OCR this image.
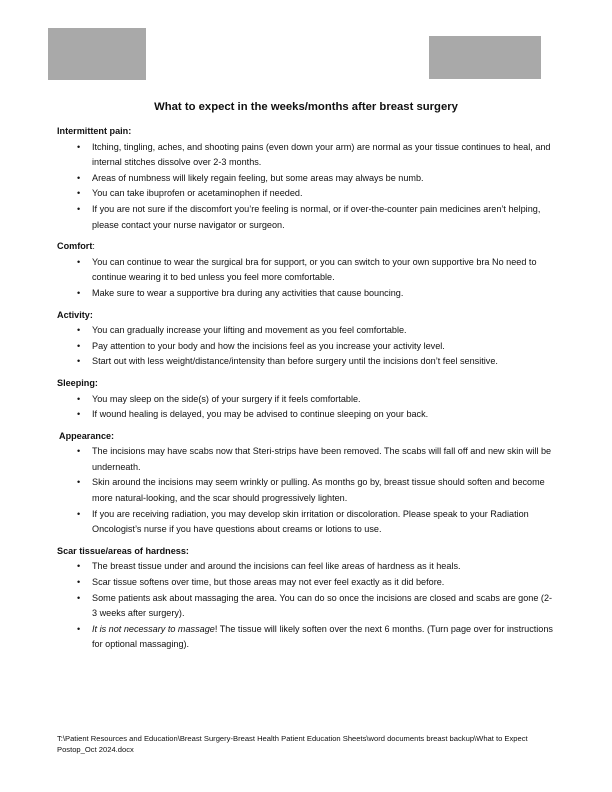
What to expect in the weeks/months after breast surgery
Intermittent pain:
• Itching, tingling, aches, and shooting pains (even down your arm) are normal as your tissue continues to heal, and internal stitches dissolve over 2-3 months.
• Areas of numbness will likely regain feeling, but some areas may always be numb.
• You can take ibuprofen or acetaminophen if needed.
• If you are not sure if the discomfort you’re feeling is normal, or if over-the-counter pain medicines aren’t helping, please contact your nurse navigator or surgeon.
Comfort:
• You can continue to wear the surgical bra for support, or you can switch to your own supportive bra No need to continue wearing it to bed unless you feel more comfortable.
• Make sure to wear a supportive bra during any activities that cause bouncing.
Activity:
• You can gradually increase your lifting and movement as you feel comfortable.
• Pay attention to your body and how the incisions feel as you increase your activity level.
• Start out with less weight/distance/intensity than before surgery until the incisions don’t feel sensitive.
Sleeping:
• You may sleep on the side(s) of your surgery if it feels comfortable.
• If wound healing is delayed, you may be advised to continue sleeping on your back.
Appearance:
• The incisions may have scabs now that Steri-strips have been removed. The scabs will fall off and new skin will be underneath.
• Skin around the incisions may seem wrinkly or pulling. As months go by, breast tissue should soften and become more natural-looking, and the scar should progressively lighten.
• If you are receiving radiation, you may develop skin irritation or discoloration. Please speak to your Radiation Oncologist’s nurse if you have questions about creams or lotions to use.
Scar tissue/areas of hardness:
• The breast tissue under and around the incisions can feel like areas of hardness as it heals.
• Scar tissue softens over time, but those areas may not ever feel exactly as it did before.
• Some patients ask about massaging the area. You can do so once the incisions are closed and scabs are gone (2-3 weeks after surgery).
• It is not necessary to massage! The tissue will likely soften over the next 6 months. (Turn page over for instructions for optional massaging).
T:\Patient Resources and Education\Breast Surgery-Breast Health Patient Education Sheets\word documents breast backup\What to Expect Postop_Oct 2024.docx
